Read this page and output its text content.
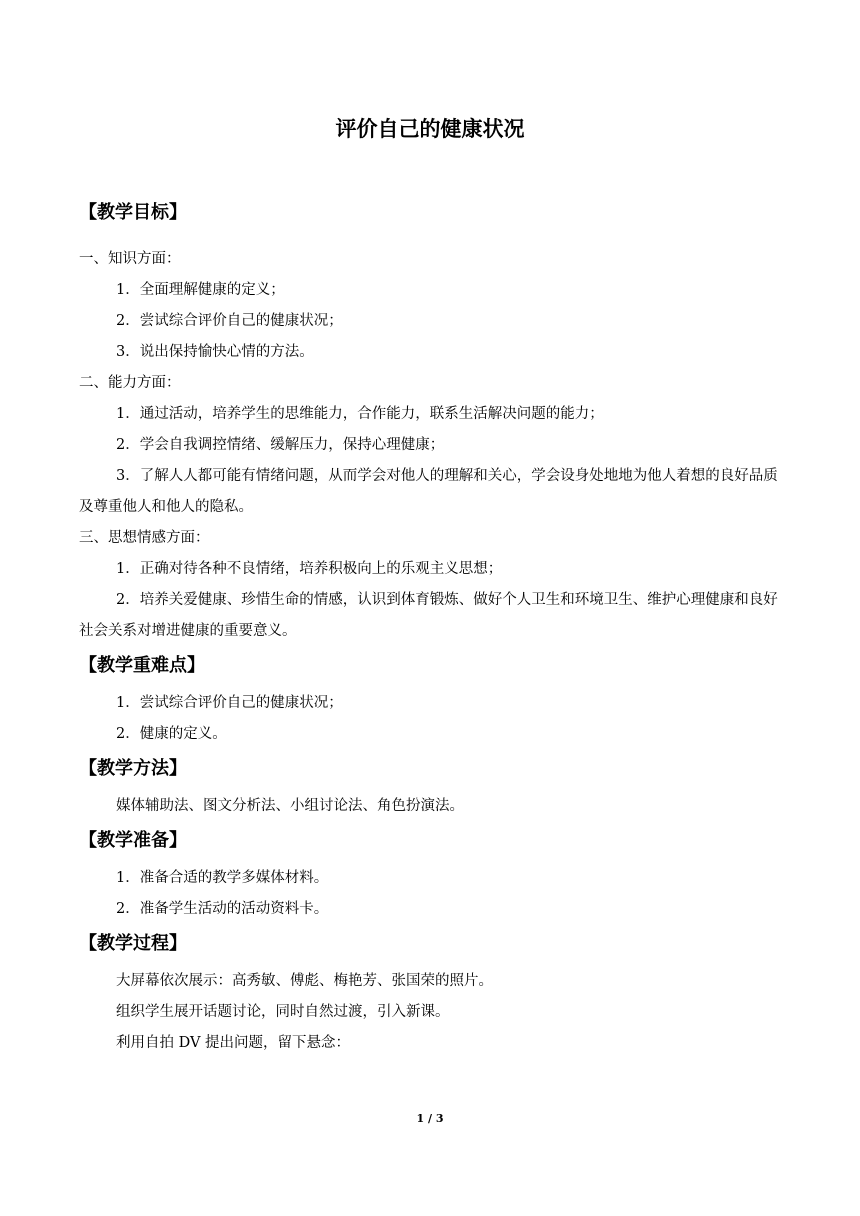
评价自己的健康状况
【教学目标】
一、知识方面：
1．全面理解健康的定义；
2．尝试综合评价自己的健康状况；
3．说出保持愉快心情的方法。
二、能力方面：
1．通过活动，培养学生的思维能力，合作能力，联系生活解决问题的能力；
2．学会自我调控情绪、缓解压力，保持心理健康；
3．了解人人都可能有情绪问题，从而学会对他人的理解和关心，学会设身处地地为他人着想的良好品质及尊重他人和他人的隐私。
三、思想情感方面：
1．正确对待各种不良情绪，培养积极向上的乐观主义思想；
2．培养关爱健康、珍惜生命的情感，认识到体育锻炼、做好个人卫生和环境卫生、维护心理健康和良好社会关系对增进健康的重要意义。
【教学重难点】
1．尝试综合评价自己的健康状况；
2．健康的定义。
【教学方法】
媒体辅助法、图文分析法、小组讨论法、角色扮演法。
【教学准备】
1．准备合适的教学多媒体材料。
2．准备学生活动的活动资料卡。
【教学过程】
大屏幕依次展示：高秀敏、傅彪、梅艳芳、张国荣的照片。
组织学生展开话题讨论，同时自然过渡，引入新课。
利用自拍 DV 提出问题，留下悬念：
1 / 3
